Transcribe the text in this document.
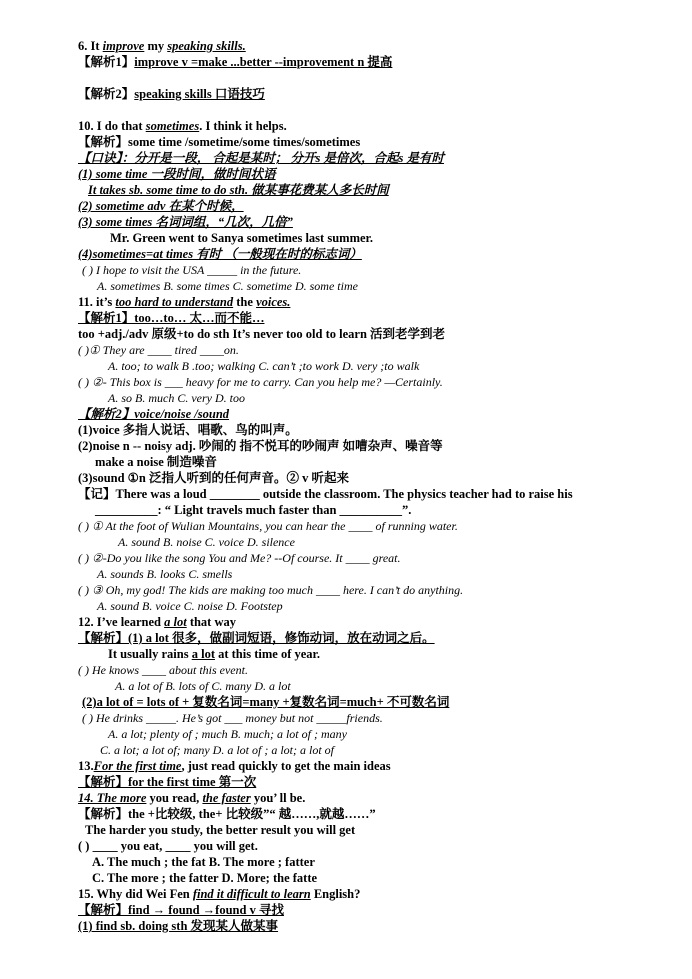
6. It improve my speaking skills.
【解析1】improve v =make ...better --improvement n 提高
【解析2】speaking skills 口语技巧
10. I do that sometimes. I think it helps.
【解析】some time /sometime/some times/sometimes
【口诀】：分开是一段， 合起是某时； 分开s 是倍次，合起s 是有时
(1) some time 一段时间，做时间状语
It takes sb. some time to do sth. 做某事花费某人多长时间
(2) sometime adv 在某个时候，
(3) some times 名词词组，“几次，几倍”
Mr. Green went to Sanya sometimes last summer.
(4)sometimes=at times 有时 （一般现在时的标志词）
( ) I hope to visit the USA _____ in the future.
A. sometimes B. some times C. sometime D. some time
11. it’s too hard to understand the voices.
【解析1】too…to… 太…而不能…
too +adj./adv 原级+to do sth It’s never too old to learn 活到老学到老
( )① They are ____ tired ____on.
A. too; to walk B .too; walking C. can’t ;to work D. very ;to walk
( ) ②- This box is ___ heavy for me to carry. Can you help me? —Certainly.
A. so B. much C. very D. too
【解析2】voice/noise /sound
(1)voice 多指人说话、唱歌、鸟的叫声。
(2)noise n -- noisy adj. 吵闹的 指不悦耳的吵闹声 如嘈杂声、噪音等
make a noise 制造噪音
(3)sound ①n 泛指人听到的任何声音。② v 听起来
【记】There was a loud ________ outside the classroom. The physics teacher had to raise his
__________: “ Light travels much faster than __________”.
( ) ① At the foot of Wulian Mountains, you can hear the ____ of running water.
A. sound B. noise C. voice D. silence
( ) ②-Do you like the song You and Me? --Of course. It ____ great.
A. sounds B. looks C. smells
( ) ③ Oh, my god! The kids are making too much ____ here. I can’t do anything.
A. sound B. voice C. noise D. Footstep
12. I’ve learned a lot that way
【解析】(1) a lot 很多，做副词短语，修饰动词，放在动词之后。
It usually rains a lot at this time of year.
( ) He knows ____ about this event.
A. a lot of B. lots of C. many D. a lot
(2)a lot of = lots of + 复数名词=many +复数名词=much+ 不可数名词
( ) He drinks _____. He’s got ___ money but not _____friends.
A. a lot; plenty of ; much B. much; a lot of ; many
C. a lot; a lot of; many D. a lot of ; a lot; a lot of
13.For the first time, just read quickly to get the main ideas
【解析】for the first time 第一次
14. The more you read, the faster you’ ll be.
【解析】the +比较级, the+ 比较级”“ 越……,就越……”
The harder you study, the better result you will get
( ) ____ you eat, ____ you will get.
A. The much ; the fat B. The more ; fatter
C. The more ; the fatter D. More; the fatte
15. Why did Wei Fen find it difficult to learn English?
【解析】find → found →found v 寻找
(1) find sb. doing sth 发现某人做某事
